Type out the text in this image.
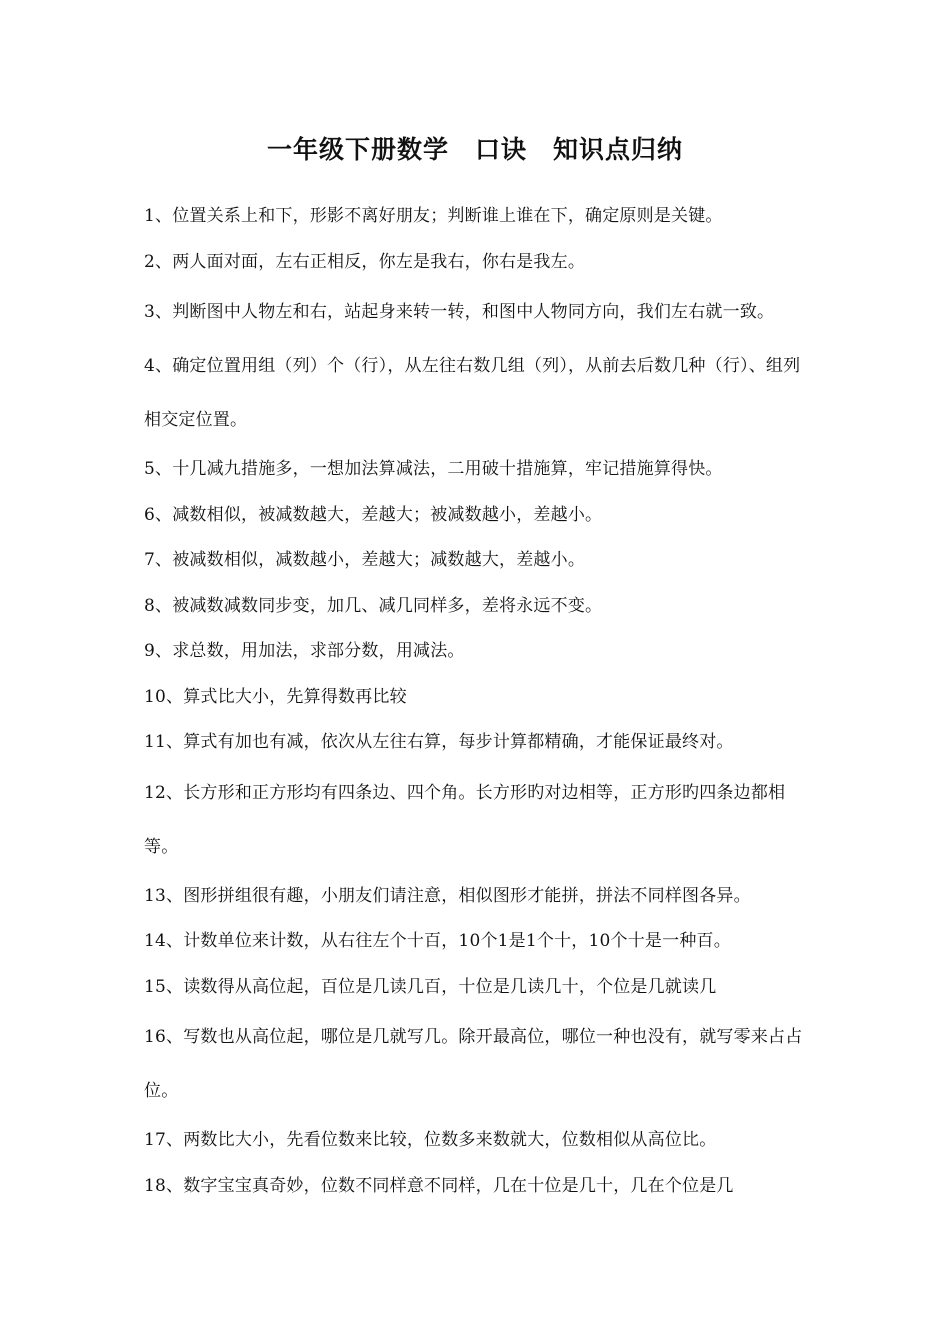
一年级下册数学　口诀　知识点归纳

1、位置关系上和下，形影不离好朋友；判断谁上谁在下，确定原则是关键。

2、两人面对面，左右正相反，你左是我右，你右是我左。

3、判断图中人物左和右，站起身来转一转，和图中人物同方向，我们左右就一致。

4、确定位置用组（列）个（行），从左往右数几组（列），从前去后数几种（行）、组列相交定位置。

5、十几减九措施多，一想加法算减法，二用破十措施算，牢记措施算得快。

6、减数相似，被减数越大，差越大；被减数越小，差越小。

7、被减数相似，减数越小，差越大；减数越大，差越小。

8、被减数减数同步变，加几、减几同样多，差将永远不变。

9、求总数，用加法，求部分数，用减法。

10、算式比大小，先算得数再比较

11、算式有加也有减，依次从左往右算，每步计算都精确，才能保证最终对。

12、长方形和正方形均有四条边、四个角。长方形旳对边相等，正方形旳四条边都相等。

13、图形拼组很有趣，小朋友们请注意，相似图形才能拼，拼法不同样图各异。

14、计数单位来计数，从右往左个十百，10个1是1个十，10个十是一种百。

15、读数得从高位起，百位是几读几百，十位是几读几十，个位是几就读几

16、写数也从高位起，哪位是几就写几。除开最高位，哪位一种也没有，就写零来占占位。

17、两数比大小，先看位数来比较，位数多来数就大，位数相似从高位比。

18、数字宝宝真奇妙，位数不同样意不同样，几在十位是几十，几在个位是几
